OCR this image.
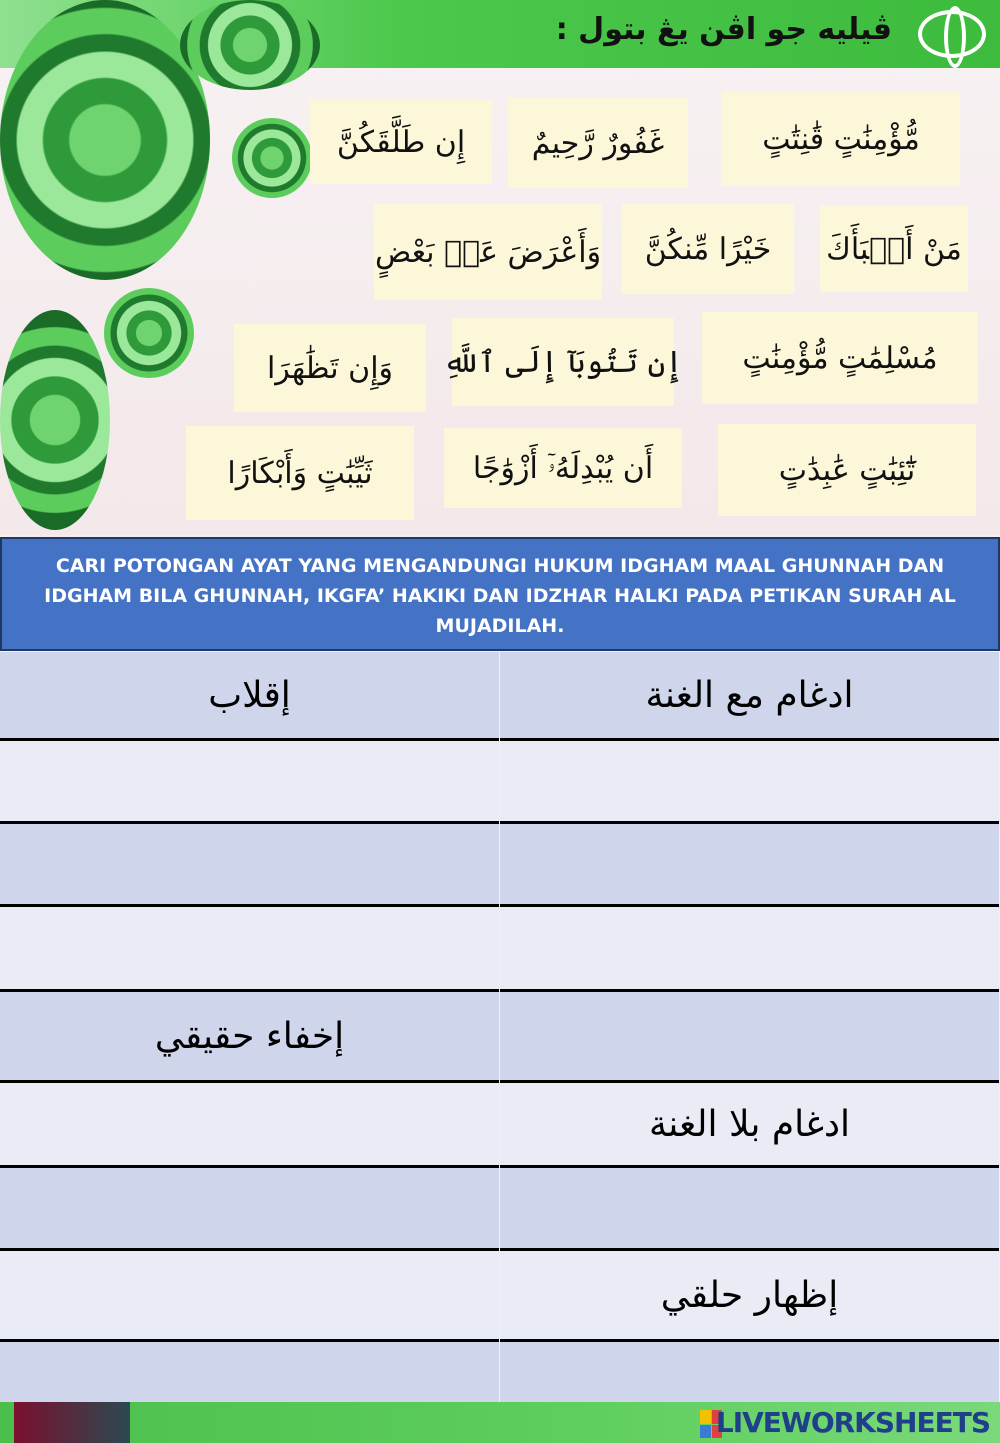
ڤيليه جو اڤن يڠ بتول :
مُّؤْمِنَٰتٍ قَٰنِتَٰتٍ
غَفُورٌ رَّحِيمٌ
إِن طَلَّقَكُنَّ
مَنْ أَنۢبَأَكَ
خَيْرًا مِّنكُنَّ
وَأَعْرَضَ عَنۢ بَعْضٍ
مُسْلِمَٰتٍ مُّؤْمِنَٰتٍ
إِن تَتُوبَآ إِلَى ٱللَّهِ
وَإِن تَظَٰهَرَا
تَٰٓئِبَٰتٍ عَٰبِدَٰتٍ
أَن يُبْدِلَهُۥٓ أَزْوَٰجًا
ثَيِّبَٰتٍ وَأَبْكَارًا
CARI POTONGAN AYAT YANG MENGANDUNGI HUKUM IDGHAM MAAL GHUNNAH DAN IDGHAM BILA GHUNNAH, IKGFA’ HAKIKI DAN IDZHAR HALKI PADA PETIKAN SURAH AL MUJADILAH.
ادغام مع الغنة
ادغام بلا الغنة
إظهار حلقي
إقلاب
إخفاء حقيقي
LIVEWORKSHEETS
